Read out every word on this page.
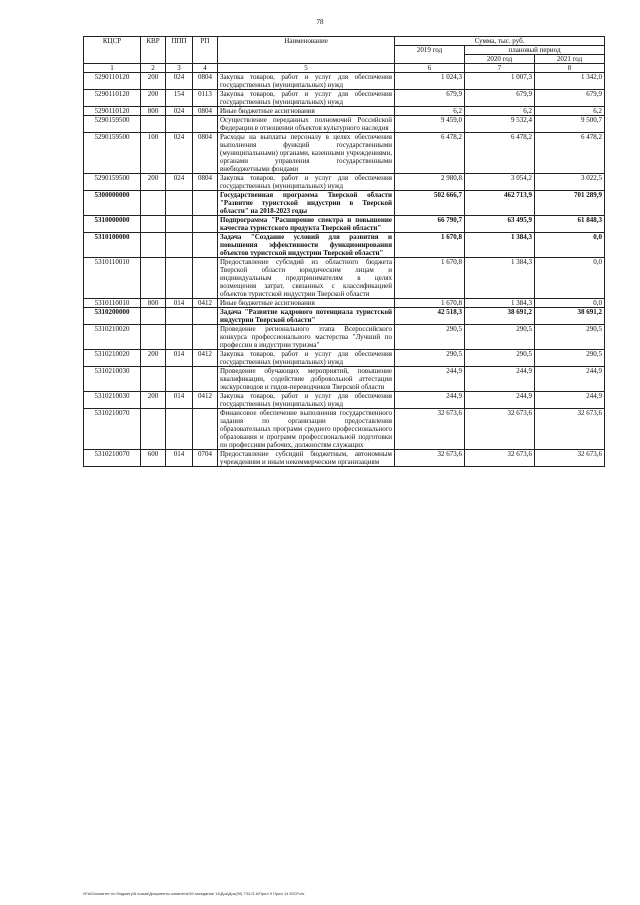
78
КЦСР	КВР	ППП	РП	Наименование	Сумма, тыс. руб.		
					2019 год	плановый период	
						2020 год	2021 год
1	2	3	4	5	6	7	8
5290110120	200	024	0804	Закупка товаров, работ и услуг для обеспечения государственных (муниципальных) нужд	1 024,3	1 007,3	1 342,0
5290110120	200	154	0113	Закупка товаров, работ и услуг для обеспечения государственных (муниципальных) нужд	679,9	679,9	679,9
5290110120	800	024	0804	Иные бюджетные ассигнования	6,2	6,2	6,2
5290159500				Осуществление переданных полномочий Российской Федерации в отношении объектов культурного наследия	9 459,0	9 532,4	9 500,7
5290159500	100	024	0804	Расходы на выплаты персоналу в целях обеспечения выполнения функций государственными (муниципальными) органами, казенными учреждениями, органами управления государственными внебюджетными фондами	6 478,2	6 478,2	6 478,2
5290159500	200	024	0804	Закупка товаров, работ и услуг для обеспечения государственных (муниципальных) нужд	2 980,8	3 054,2	3 022,5
5300000000				Государственная программа Тверской области "Развитие туристской индустрии в Тверской области" на 2018-2023 годы	502 666,7	462 713,9	701 289,9
5310000000				Подпрограмма "Расширение спектра и повышение качества туристского продукта Тверской области"	66 790,7	63 495,9	61 848,3
5310100000				Задача "Создание условий для развития и повышения эффективности функционирования объектов туристской индустрии Тверской области"	1 670,8	1 384,3	0,0
5310110010				Предоставление субсидий из областного бюджета Тверской области юридическим лицам и индивидуальным предпринимателям в целях возмещения затрат, связанных с классификацией объектов туристской индустрии Тверской области	1 670,8	1 384,3	0,0
5310110010	800	014	0412	Иные бюджетные ассигнования	1 670,8	1 384,3	0,0
5310200000				Задача "Развитие кадрового потенциала туристской индустрии Тверской области"	42 518,3	38 691,2	38 691,2
5310210020				Проведение регионального этапа Всероссийского конкурса профессионального мастерства "Лучший по профессии в индустрии туризма"	290,5	290,5	290,5
5310210020	200	014	0412	Закупка товаров, работ и услуг для обеспечения государственных (муниципальных) нужд	290,5	290,5	290,5
5310210030				Проведение обучающих мероприятий, повышение квалификации, содействие добровольной аттестации экскурсоводов и гидов-переводчиков Тверской области	244,9	244,9	244,9
5310210030	200	014	0412	Закупка товаров, работ и услуг для обеспечения государственных (муниципальных) нужд	244,9	244,9	244,9
5310210070				Финансовое обеспечение выполнения государственного задания по организации предоставления образовательных программ среднего профессионального образования и программ профессиональной подготовки по профессиям рабочих, должностям служащих	32 673,6	32 673,6	32 673,6
5310210070	600	014	0704	Предоставление субсидий бюджетным, автономным учреждениям и иным некоммерческим организациям	32 673,6	32 673,6	32 673,6
\\Fs01\комитет по бюджету\6 созыв\Документы комитета\39 заседание 14\Док\Док(39) 734-П-6\Прил 9 Прил 14 ЮСР.xls
